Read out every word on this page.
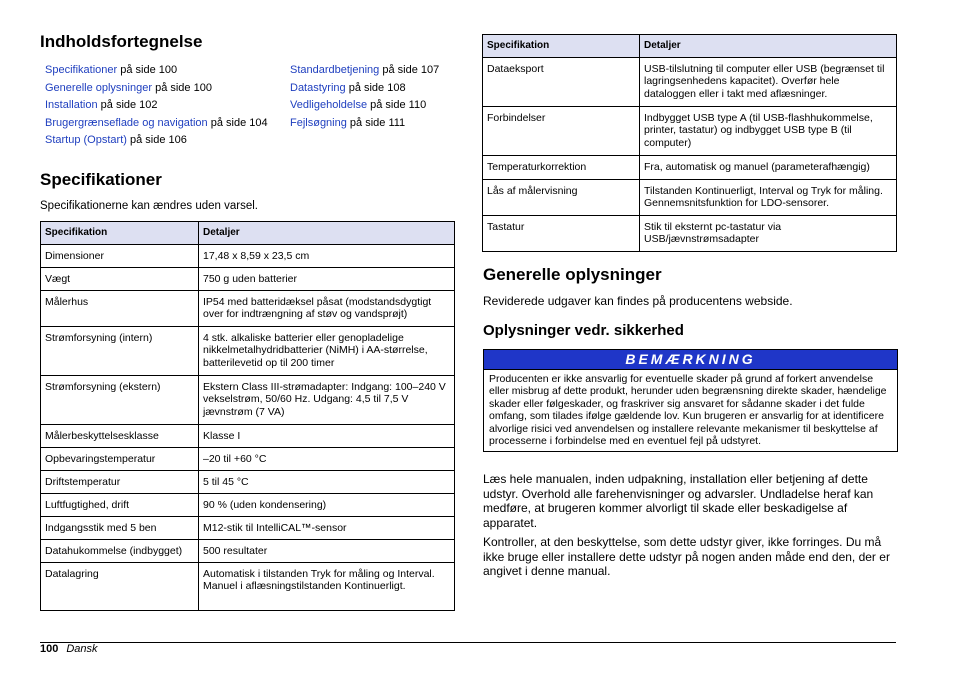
Indholdsfortegnelse
Specifikationer på side 100
Generelle oplysninger på side 100
Installation på side 102
Brugergrænseflade og navigation på side 104
Startup (Opstart) på side 106
Standardbetjening på side 107
Datastyring på side 108
Vedligeholdelse på side 110
Fejlsøgning på side 111
Specifikationer

Specifikationerne kan ændres uden varsel.

Specifikation	Detaljer
Dimensioner	17,48 x 8,59 x 23,5 cm
Vægt	750 g uden batterier
Målerhus	IP54 med batteridæksel påsat (modstandsdygtigt over for indtrængning af støv og vandsprøjt)
Strømforsyning (intern)	4 stk. alkaliske batterier eller genopladelige nikkelmetalhydridbatterier (NiMH) i AA-størrelse, batterilevetid op til 200 timer
Strømforsyning (ekstern)	Ekstern Class III-strømadapter: Indgang: 100–240 V vekselstrøm, 50/60 Hz. Udgang: 4,5 til 7,5 V jævnstrøm (7 VA)
Målerbeskyttelsesklasse	Klasse I
Opbevaringstemperatur	–20 til +60 °C
Driftstemperatur	5 til 45 °C
Luftfugtighed, drift	90 % (uden kondensering)
Indgangsstik med 5 ben	M12-stik til IntelliCAL™-sensor
Datahukommelse (indbygget)	500 resultater
Datalagring	Automatisk i tilstanden Tryk for måling og Interval. Manuel i aflæsningstilstanden Kontinuerligt.
Specifikation	Detaljer
Dataeksport	USB-tilslutning til computer eller USB (begrænset til lagringsenhedens kapacitet). Overfør hele dataloggen eller i takt med aflæsninger.
Forbindelser	Indbygget USB type A (til USB-flashhukommelse, printer, tastatur) og indbygget USB type B (til computer)
Temperaturkorrektion	Fra, automatisk og manuel (parameterafhængig)
Lås af målervisning	Tilstanden Kontinuerligt, Interval og Tryk for måling. Gennemsnitsfunktion for LDO-sensorer.
Tastatur	Stik til eksternt pc-tastatur via USB/jævnstrømsadapter
Generelle oplysninger

Reviderede udgaver kan findes på producentens webside.

Oplysninger vedr. sikkerhed
BEMÆRKNING
Producenten er ikke ansvarlig for eventuelle skader på grund af forkert anvendelse eller misbrug af dette produkt, herunder uden begrænsning direkte skader, hændelige skader eller følgeskader, og fraskriver sig ansvaret for sådanne skader i det fulde omfang, som tilades ifølge gældende lov. Kun brugeren er ansvarlig for at identificere alvorlige risici ved anvendelsen og installere relevante mekanismer til beskyttelse af processerne i forbindelse med en eventuel fejl på udstyret.

Læs hele manualen, inden udpakning, installation eller betjening af dette udstyr. Overhold alle farehenvisninger og advarsler. Undladelse heraf kan medføre, at brugeren kommer alvorligt til skade eller beskadigelse af apparatet.

Kontroller, at den beskyttelse, som dette udstyr giver, ikke forringes. Du må ikke bruge eller installere dette udstyr på nogen anden måde end den, der er angivet i denne manual.

100 Dansk
